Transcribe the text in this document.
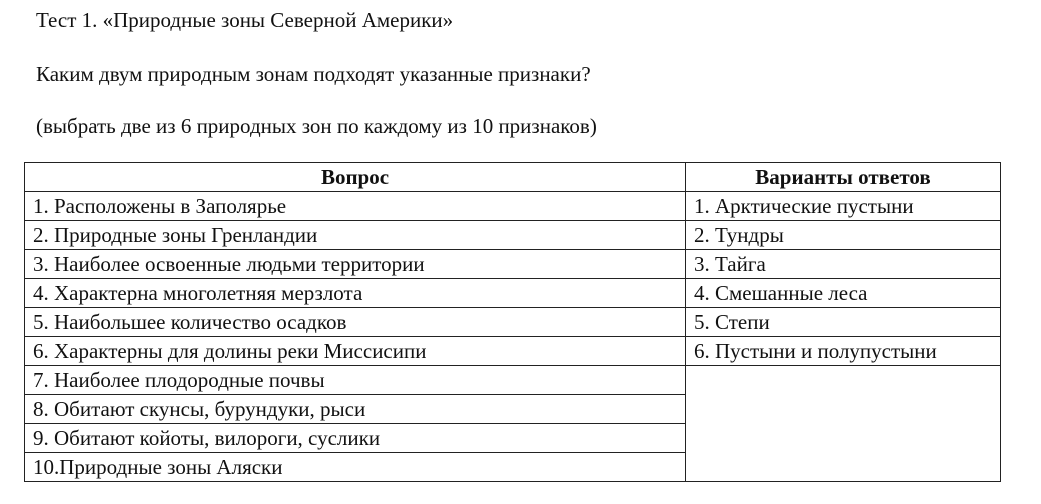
Тест 1. «Природные зоны Северной Америки»
Каким двум природным зонам подходят указанные признаки?
(выбрать две из 6 природных зон по каждому из 10 признаков)
Вопрос	Варианты ответов
1. Расположены в Заполярье	1. Арктические пустыни
2. Природные зоны Гренландии	2. Тундры
3. Наиболее освоенные людьми территории	3. Тайга
4. Характерна многолетняя мерзлота	4. Смешанные леса
5. Наибольшее количество осадков	5. Степи
6. Характерны для долины реки Миссисипи	6. Пустыни и полупустыни
7. Наиболее плодородные почвы	
8. Обитают скунсы, бурундуки, рыси	
9. Обитают койоты, вилороги, суслики	
10.Природные зоны Аляски	
